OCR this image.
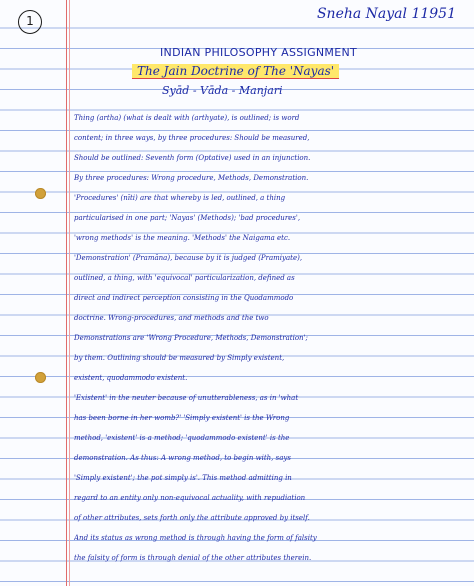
1	Sneha Nayal 11951
INDIAN PHILOSOPHY ASSIGNMENT
The Jain Doctrine of The 'Nayas'
Syād - Vāda - Manjari
Thing (artha) (what is dealt with (arthyate), is outlined; is word
content; in three ways, by three procedures: Should be measured,
Should be outlined: Seventh form (Optative) used in an injunction.
By three procedures: Wrong procedure, Methods, Demonstration.
'Procedures' (nīti) are that whereby is led, outlined, a thing
particularised in one part; 'Nayas' (Methods); 'bad procedures',
'wrong methods' is the meaning. 'Methods' the Naigama etc.
'Demonstration' (Pramāna), because by it is judged (Pramiyate),
outlined, a thing, with 'equivocal' particularization, defined as
direct and indirect perception consisting in the Quodammodo
doctrine. Wrong-procedures, and methods and the two
Demonstrations are 'Wrong Procedure, Methods, Demonstration';
by them. Outlining should be measured by Simply existent,
existent, quodammodo existent.
'Existent' in the neuter because of unutterableness, as in 'what
has been borne in her womb?' 'Simply existent' is the Wrong
method, 'existent' is a method; 'quodammodo existent' is the
demonstration. As thus: A wrong method, to begin with, says
'Simply existent'; the pot simply is'. This method admitting in
regard to an entity only non-equivocal actuality, with repudiation
of other attributes, sets forth only the attribute approved by itself.
And its status as wrong method is through having the form of falsity
the falsity of form is through denial of the other attributes therein.
